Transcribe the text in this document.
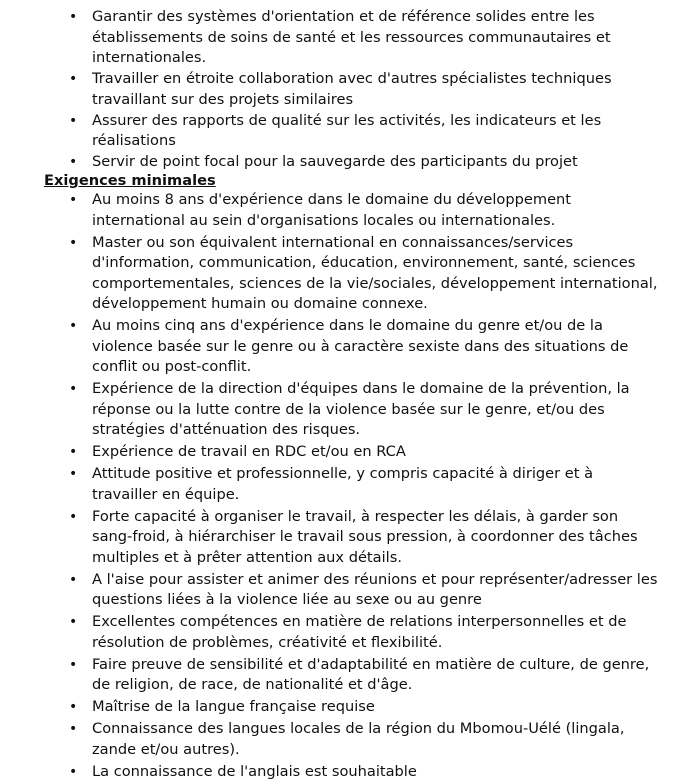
• Garantir des systèmes d'orientation et de référence solides entre les établissements de soins de santé et les ressources communautaires et internationales.
• Travailler en étroite collaboration avec d'autres spécialistes techniques travaillant sur des projets similaires
• Assurer des rapports de qualité sur les activités, les indicateurs et les réalisations
• Servir de point focal pour la sauvegarde des participants du projet
Exigences minimales
• Au moins 8 ans d'expérience dans le domaine du développement international au sein d'organisations locales ou internationales.
• Master ou son équivalent international en connaissances/services d'information, communication, éducation, environnement, santé, sciences comportementales, sciences de la vie/sociales, développement international, développement humain ou domaine connexe.
• Au moins cinq ans d'expérience dans le domaine du genre et/ou de la violence basée sur le genre ou à caractère sexiste dans des situations de conflit ou post-conflit.
• Expérience de la direction d'équipes dans le domaine de la prévention, la réponse ou la lutte contre de la violence basée sur le genre, et/ou des stratégies d'atténuation des risques.
• Expérience de travail en RDC et/ou en RCA
• Attitude positive et professionnelle, y compris capacité à diriger et à travailler en équipe.
• Forte capacité à organiser le travail, à respecter les délais, à garder son sang-froid, à hiérarchiser le travail sous pression, à coordonner des tâches multiples et à prêter attention aux détails.
• A l'aise pour assister et animer des réunions et pour représenter/adresser les questions liées à la violence liée au sexe ou au genre
• Excellentes compétences en matière de relations interpersonnelles et de résolution de problèmes, créativité et flexibilité.
• Faire preuve de sensibilité et d'adaptabilité en matière de culture, de genre, de religion, de race, de nationalité et d'âge.
• Maîtrise de la langue française requise
• Connaissance des langues locales de la région du Mbomou-Uélé (lingala, zande et/ou autres).
• La connaissance de l'anglais est souhaitable
